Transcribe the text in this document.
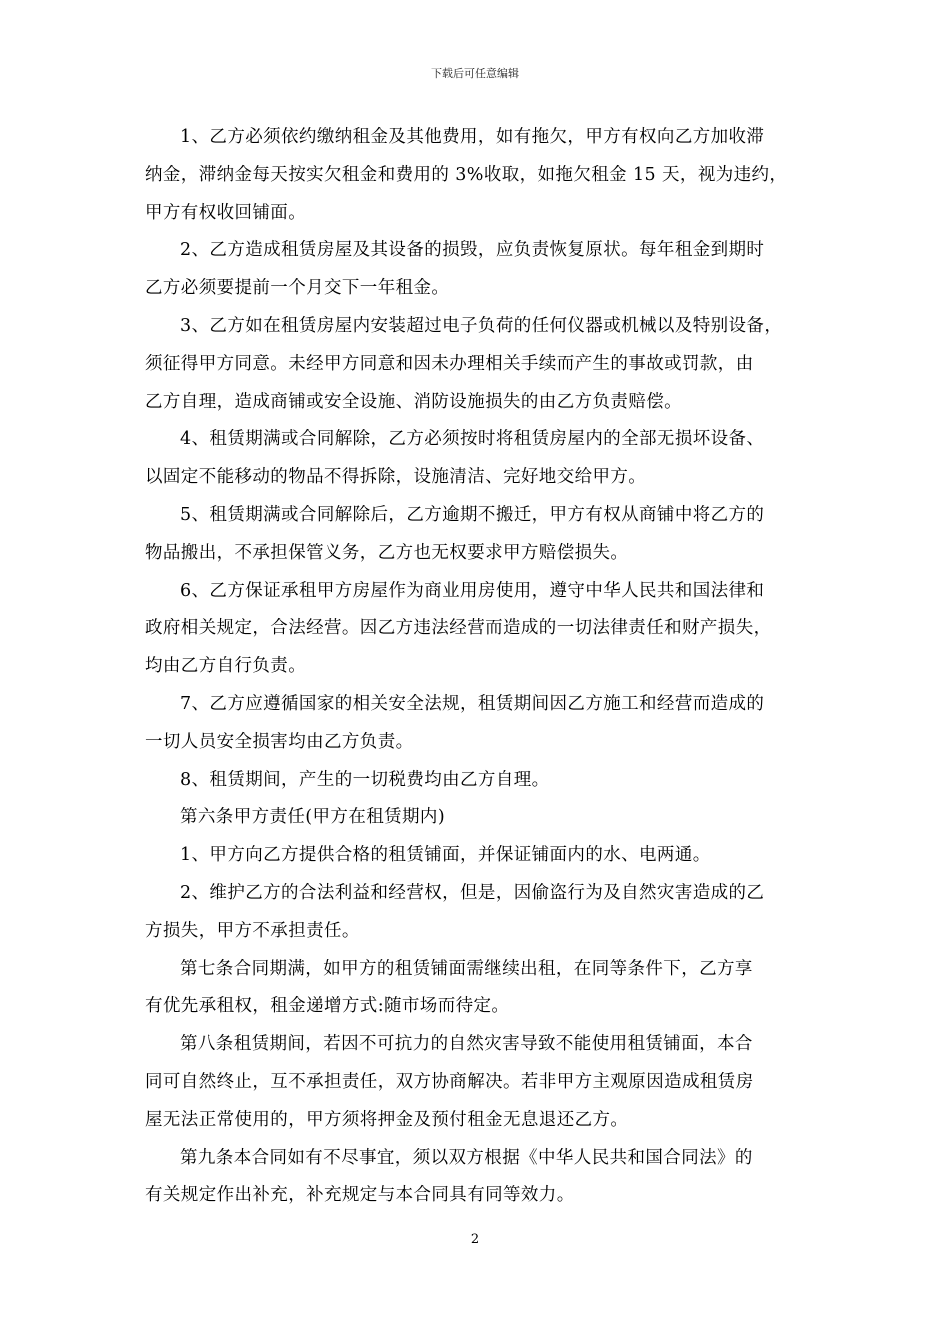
下载后可任意编辑
1、乙方必须依约缴纳租金及其他费用，如有拖欠，甲方有权向乙方加收滞
纳金，滞纳金每天按实欠租金和费用的 3%收取，如拖欠租金 15 天，视为违约，
甲方有权收回铺面。
2、乙方造成租赁房屋及其设备的损毁，应负责恢复原状。每年租金到期时
乙方必须要提前一个月交下一年租金。
3、乙方如在租赁房屋内安装超过电子负荷的任何仪器或机械以及特别设备，
须征得甲方同意。未经甲方同意和因未办理相关手续而产生的事故或罚款，由
乙方自理，造成商铺或安全设施、消防设施损失的由乙方负责赔偿。
4、租赁期满或合同解除，乙方必须按时将租赁房屋内的全部无损坏设备、
以固定不能移动的物品不得拆除，设施清洁、完好地交给甲方。
5、租赁期满或合同解除后，乙方逾期不搬迁，甲方有权从商铺中将乙方的
物品搬出，不承担保管义务，乙方也无权要求甲方赔偿损失。
6、乙方保证承租甲方房屋作为商业用房使用，遵守中华人民共和国法律和
政府相关规定，合法经营。因乙方违法经营而造成的一切法律责任和财产损失，
均由乙方自行负责。
7、乙方应遵循国家的相关安全法规，租赁期间因乙方施工和经营而造成的
一切人员安全损害均由乙方负责。
8、租赁期间，产生的一切税费均由乙方自理。
第六条甲方责任(甲方在租赁期内)
1、甲方向乙方提供合格的租赁铺面，并保证铺面内的水、电两通。
2、维护乙方的合法利益和经营权，但是，因偷盗行为及自然灾害造成的乙
方损失，甲方不承担责任。
第七条合同期满，如甲方的租赁铺面需继续出租，在同等条件下，乙方享
有优先承租权，租金递增方式:随市场而待定。
第八条租赁期间，若因不可抗力的自然灾害导致不能使用租赁铺面，本合
同可自然终止，互不承担责任，双方协商解决。若非甲方主观原因造成租赁房
屋无法正常使用的，甲方须将押金及预付租金无息退还乙方。
第九条本合同如有不尽事宜，须以双方根据《中华人民共和国合同法》的
有关规定作出补充，补充规定与本合同具有同等效力。
2
